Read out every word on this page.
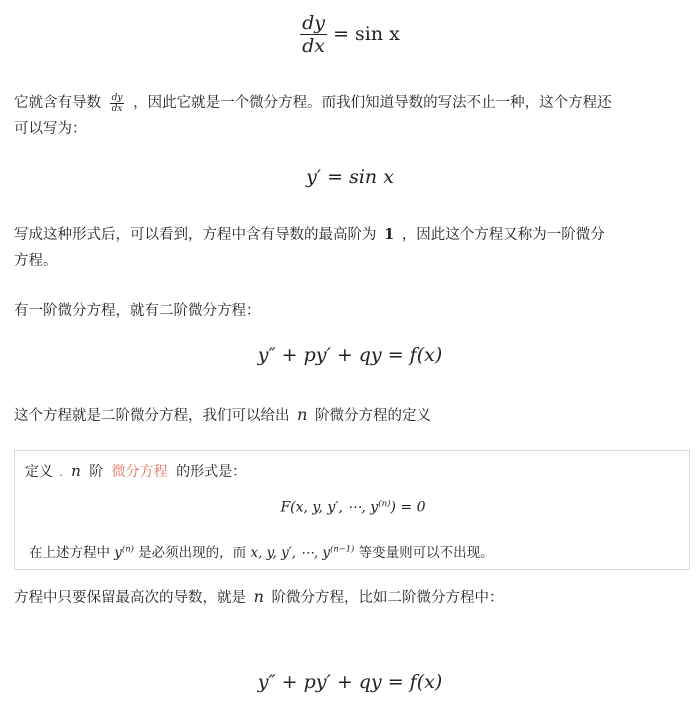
$\frac{dy}{dx} = \sin x$
它就含有导数 $\frac{dy}{dx}$ ，因此它就是一个微分方程。而我们知道导数的写法不止一种，这个方程还
可以写为：
y′ = sin x
写成这种形式后，可以看到，方程中含有导数的最高阶为 1 ，因此这个方程又称为一阶微分
方程。
有一阶微分方程，就有二阶微分方程：
y″ + py′ + qy = f(x)
这个方程就是二阶微分方程，我们可以给出 n 阶微分方程的定义
定义 . n 阶 微分方程 的形式是：
F(x, y, y′, ⋯, $y^{(n)}) = 0$
在上述方程中 $y^{(n)}$ 是必须出现的，而 x, y, y′, ⋯, $y^{(n-1)}$ 等变量则可以不出现。
方程中只要保留最高次的导数，就是 n 阶微分方程，比如二阶微分方程中：
y″ + py′ + qy = f(x)
